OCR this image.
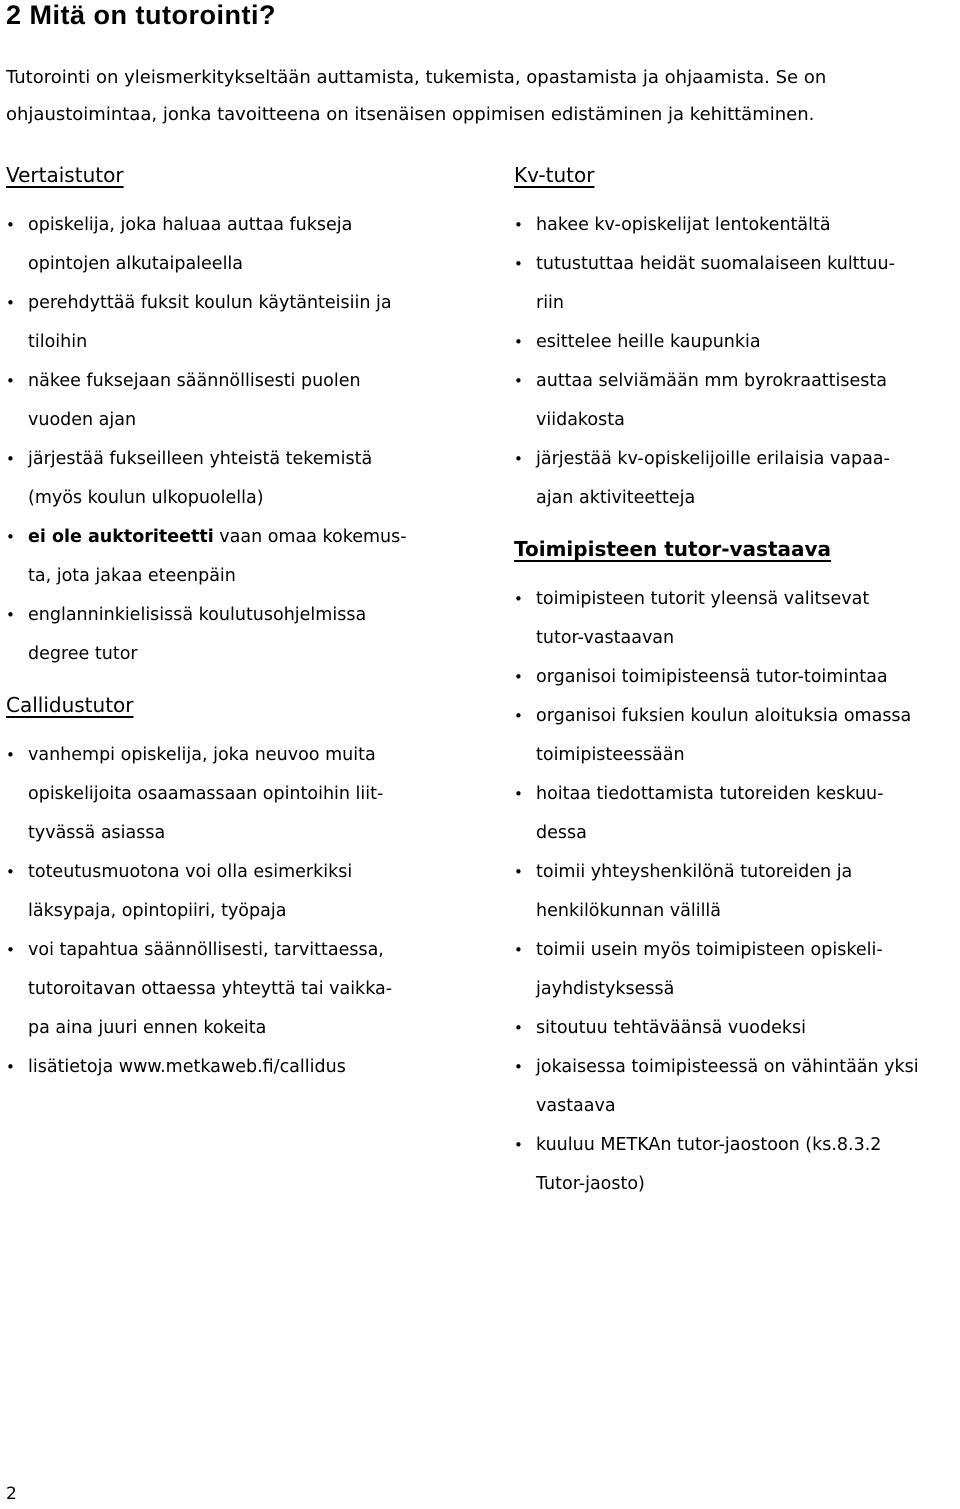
2 Mitä on tutorointi?
Tutorointi on yleismerkitykseltään auttamista, tukemista, opastamista ja ohjaamista. Se on
ohjaustoimintaa, jonka tavoitteena on itsenäisen oppimisen edistäminen ja kehittäminen.
Vertaistutor
• opiskelija, joka haluaa auttaa fukseja
opintojen alkutaipaleella
• perehdyttää fuksit koulun käytänteisiin ja
tiloihin
• näkee fuksejaan säännöllisesti puolen
vuoden ajan
• järjestää fukseilleen yhteistä tekemistä
(myös koulun ulkopuolella)
• ei ole auktoriteetti vaan omaa kokemus-
ta, jota jakaa eteenpäin
• englanninkielisissä koulutusohjelmissa
degree tutor
Callidustutor
• vanhempi opiskelija, joka neuvoo muita
opiskelijoita osaamassaan opintoihin liit-
tyvässä asiassa
• toteutusmuotona voi olla esimerkiksi
läksypaja, opintopiiri, työpaja
• voi tapahtua säännöllisesti, tarvittaessa,
tutoroitavan ottaessa yhteyttä tai vaikka-
pa aina juuri ennen kokeita
• lisätietoja www.metkaweb.fi/callidus
Kv-tutor
• hakee kv-opiskelijat lentokentältä
• tutustuttaa heidät suomalaiseen kulttuu-
riin
• esittelee heille kaupunkia
• auttaa selviämään mm byrokraattisesta
viidakosta
• järjestää kv-opiskelijoille erilaisia vapaa-
ajan aktiviteetteja
Toimipisteen tutor-vastaava
• toimipisteen tutorit yleensä valitsevat
tutor-vastaavan
• organisoi toimipisteensä tutor-toimintaa
• organisoi fuksien koulun aloituksia omassa
toimipisteessään
• hoitaa tiedottamista tutoreiden keskuu-
dessa
• toimii yhteyshenkilönä tutoreiden ja
henkilökunnan välillä
• toimii usein myös toimipisteen opiskeli-
jayhdistyksessä
• sitoutuu tehtäväänsä vuodeksi
• jokaisessa toimipisteessä on vähintään yksi
vastaava
• kuuluu METKAn tutor-jaostoon (ks.8.3.2
Tutor-jaosto)
2
